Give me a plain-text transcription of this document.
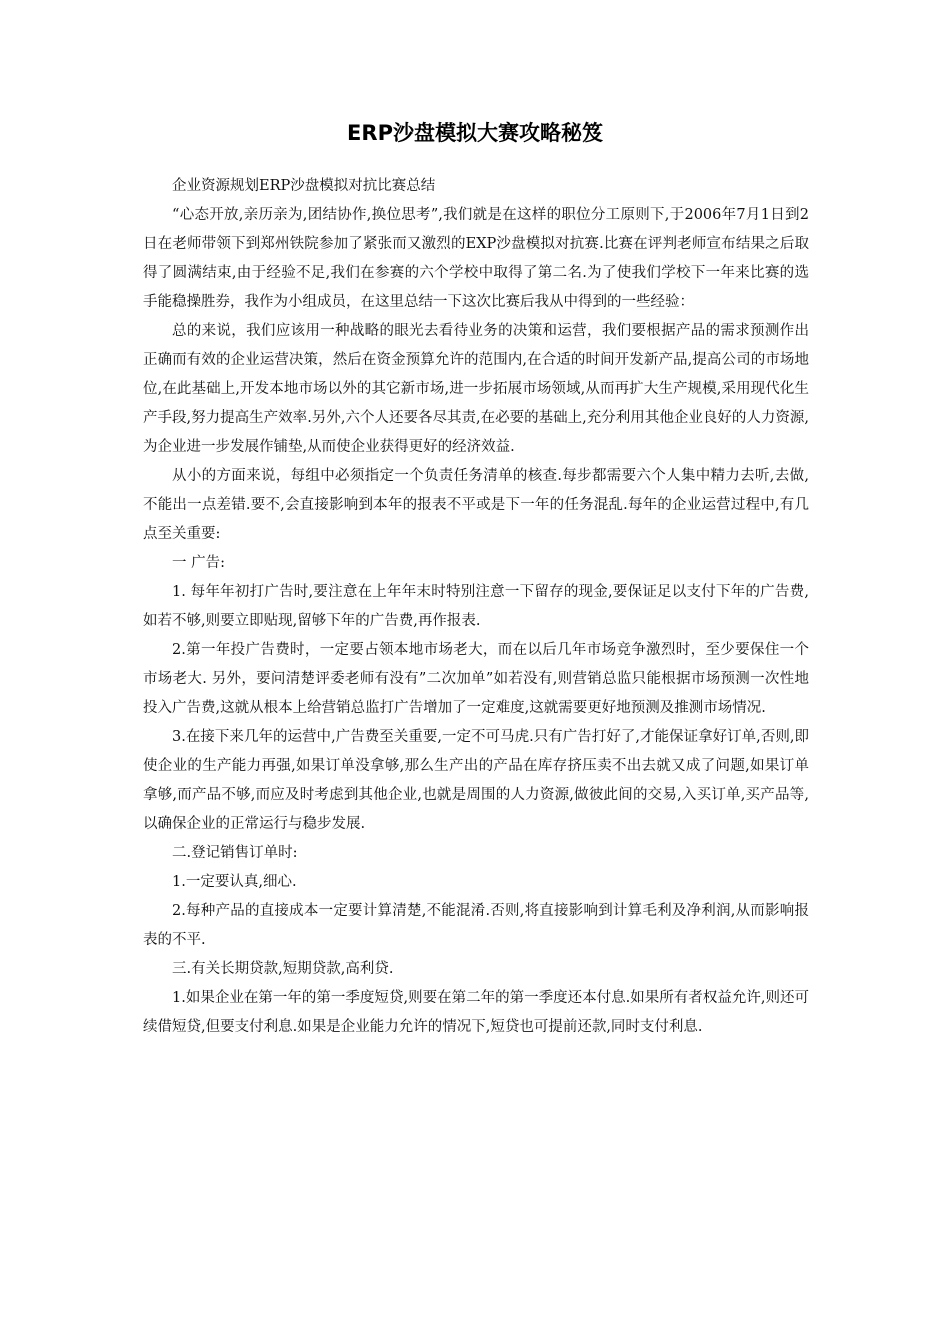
ERP沙盘模拟大赛攻略秘笈

企业资源规划ERP沙盘模拟对抗比赛总结

“心态开放,亲历亲为,团结协作,换位思考”,我们就是在这样的职位分工原则下,于2006年7月1日到2日在老师带领下到郑州铁院参加了紧张而又激烈的EXP沙盘模拟对抗赛.比赛在评判老师宣布结果之后取得了圆满结束,由于经验不足,我们在参赛的六个学校中取得了第二名.为了使我们学校下一年来比赛的选手能稳操胜券，我作为小组成员，在这里总结一下这次比赛后我从中得到的一些经验：

总的来说，我们应该用一种战略的眼光去看待业务的决策和运营，我们要根据产品的需求预测作出正确而有效的企业运营决策，然后在资金预算允许的范围内,在合适的时间开发新产品,提高公司的市场地位,在此基础上,开发本地市场以外的其它新市场,进一步拓展市场领域,从而再扩大生产规模,采用现代化生产手段,努力提高生产效率.另外,六个人还要各尽其责,在必要的基础上,充分利用其他企业良好的人力资源,为企业进一步发展作铺垫,从而使企业获得更好的经济效益.

从小的方面来说，每组中必须指定一个负责任务清单的核查.每步都需要六个人集中精力去听,去做,不能出一点差错.要不,会直接影响到本年的报表不平或是下一年的任务混乱.每年的企业运营过程中,有几点至关重要:

一 广告:

1. 每年年初打广告时,要注意在上年年末时特别注意一下留存的现金,要保证足以支付下年的广告费,如若不够,则要立即贴现,留够下年的广告费,再作报表.

2.第一年投广告费时，一定要占领本地市场老大，而在以后几年市场竞争激烈时，至少要保住一个市场老大. 另外，要问清楚评委老师有没有”二次加单”如若没有,则营销总监只能根据市场预测一次性地投入广告费,这就从根本上给营销总监打广告增加了一定难度,这就需要更好地预测及推测市场情况.

3.在接下来几年的运营中,广告费至关重要,一定不可马虎.只有广告打好了,才能保证拿好订单,否则,即使企业的生产能力再强,如果订单没拿够,那么生产出的产品在库存挤压卖不出去就又成了问题,如果订单拿够,而产品不够,而应及时考虑到其他企业,也就是周围的人力资源,做彼此间的交易,入买订单,买产品等,以确保企业的正常运行与稳步发展.

二.登记销售订单时:

1.一定要认真,细心.

2.每种产品的直接成本一定要计算清楚,不能混淆.否则,将直接影响到计算毛利及净利润,从而影响报表的不平.

三.有关长期贷款,短期贷款,高利贷.

1.如果企业在第一年的第一季度短贷,则要在第二年的第一季度还本付息.如果所有者权益允许,则还可续借短贷,但要支付利息.如果是企业能力允许的情况下,短贷也可提前还款,同时支付利息.
